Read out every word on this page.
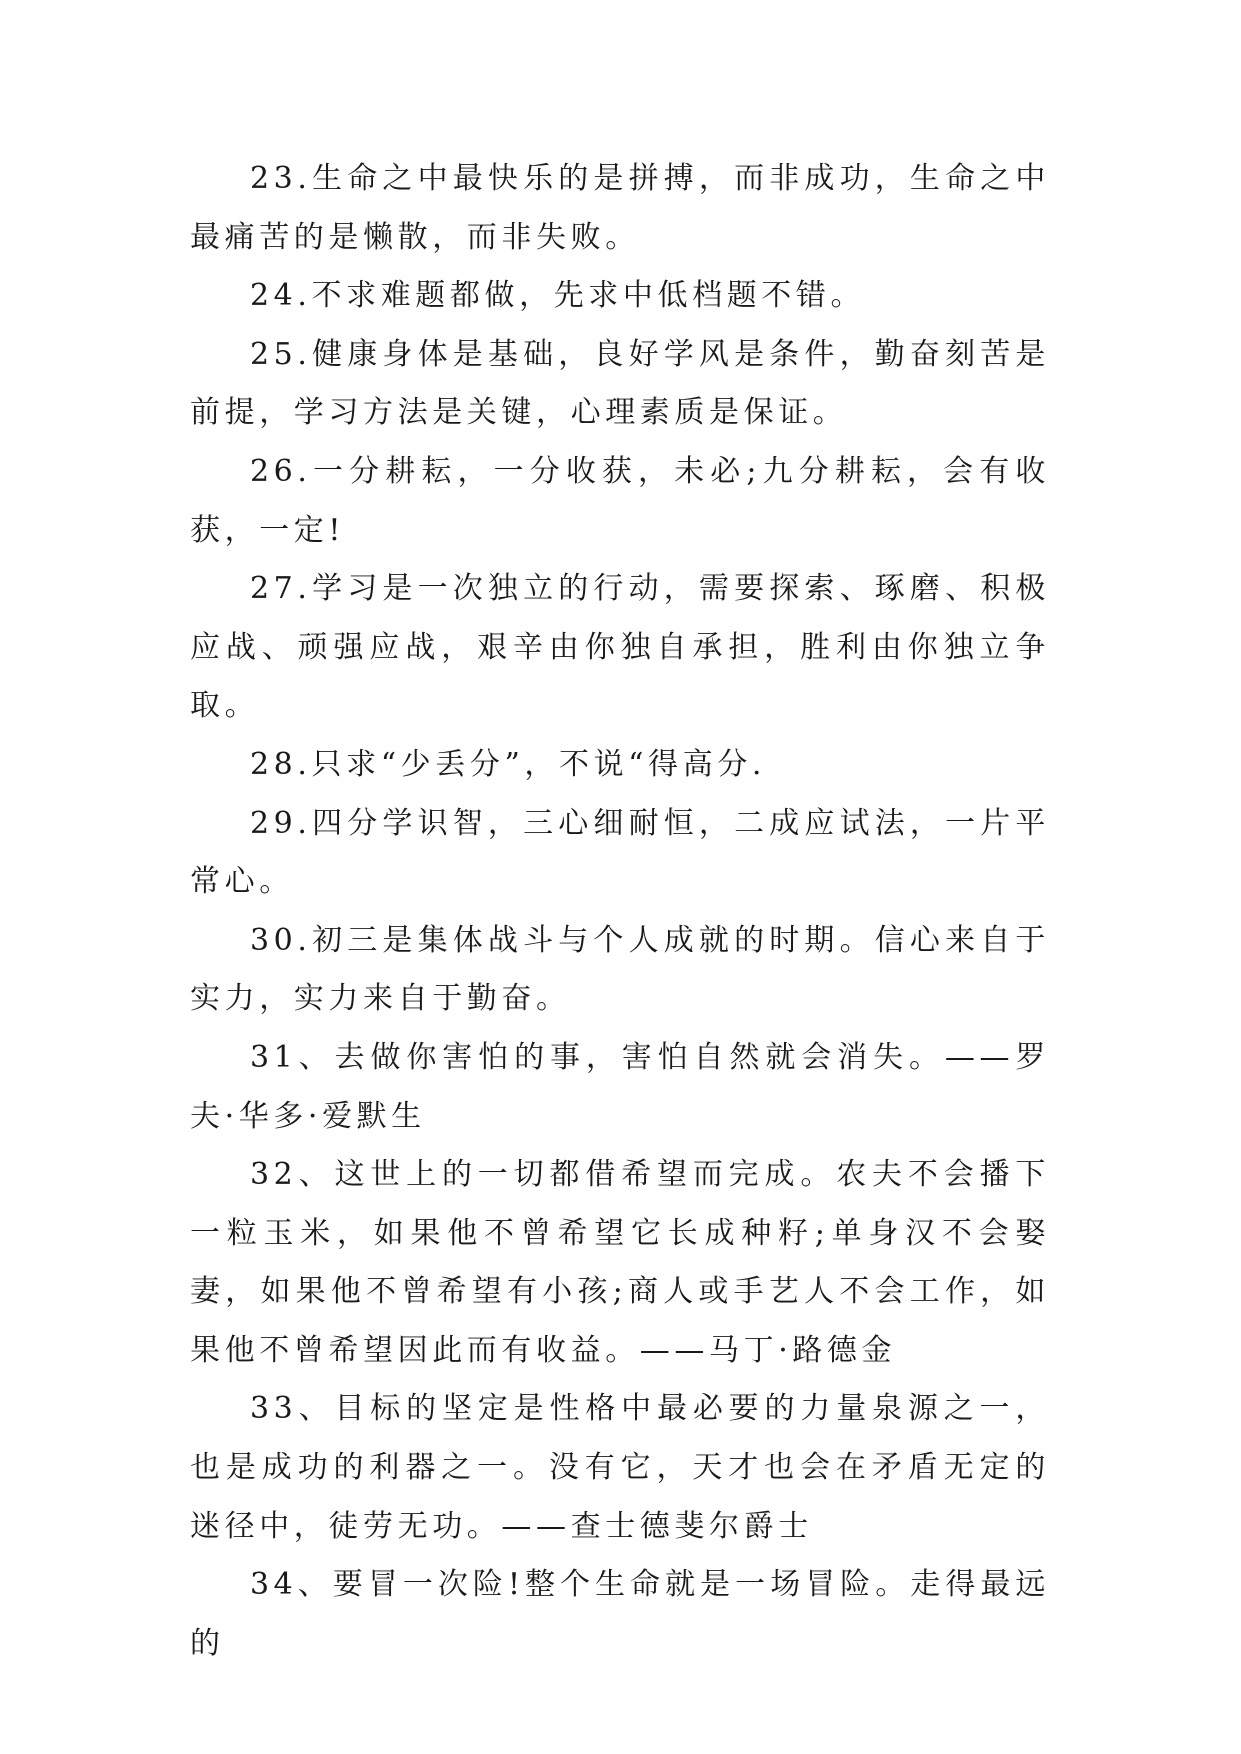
23.生命之中最快乐的是拼搏，而非成功，生命之中最痛苦的是懒散，而非失败。

24.不求难题都做，先求中低档题不错。

25.健康身体是基础，良好学风是条件，勤奋刻苦是前提，学习方法是关键，心理素质是保证。

26.一分耕耘，一分收获，未必;九分耕耘，会有收获，一定!

27.学习是一次独立的行动，需要探索、琢磨、积极应战、顽强应战，艰辛由你独自承担，胜利由你独立争取。

28.只求“少丢分”，不说“得高分.

29.四分学识智，三心细耐恒，二成应试法，一片平常心。

30.初三是集体战斗与个人成就的时期。信心来自于实力，实力来自于勤奋。

31、去做你害怕的事，害怕自然就会消失。——罗夫·华多·爱默生

32、这世上的一切都借希望而完成。农夫不会播下一粒玉米，如果他不曾希望它长成种籽;单身汉不会娶妻，如果他不曾希望有小孩;商人或手艺人不会工作，如果他不曾希望因此而有收益。——马丁·路德金

33、目标的坚定是性格中最必要的力量泉源之一，也是成功的利器之一。没有它，天才也会在矛盾无定的迷径中，徒劳无功。——查士德斐尔爵士

34、要冒一次险!整个生命就是一场冒险。走得最远的
